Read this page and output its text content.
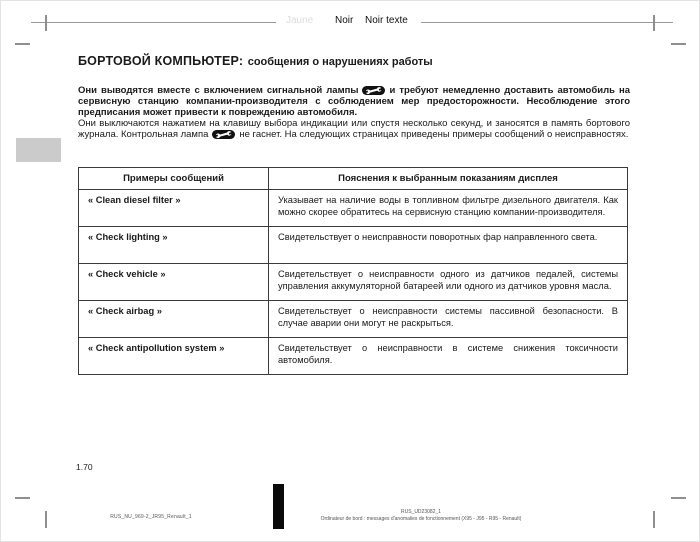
Jaune Noir Noir texte
БОРТОВОЙ КОМПЬЮТЕР: сообщения о нарушениях работы

Они выводятся вместе с включением сигнальной лампы	и требуют немедленно доставить автомобиль на сервисную станцию компании-производителя с соблюдением мер предосторожности. Несоблюдение этого предписания может привести к повреждению автомобиля.

Они выключаются нажатием на клавишу выбора индикации или спустя несколько секунд, и заносятся в память бортового журнала. Контрольная лампа	не гаснет. На следующих страницах приведены примеры сообщений о неисправностях.

Примеры сообщений	Пояснения к выбранным показаниям дисплея
« Clean diesel filter »	Указывает на наличие воды в топливном фильтре дизельного двигателя. Как можно скорее обратитесь на сервисную станцию компании-производителя.
« Check lighting »	Свидетельствует о неисправности поворотных фар направленного света.
« Check vehicle »	Свидетельствует о неисправности одного из датчиков педалей, системы управления аккумуляторной батареей или одного из датчиков уровня масла.
« Check airbag »	Свидетельствует о неисправности системы пассивной безопасности. В случае аварии они могут не раскрыться.
« Check antipollution system »	Свидетельствует о неисправности в системе снижения токсичности автомобиля.
1.70
RUS_NU_969-2_JR95_Renault_1
RUS_UD23082_1
Ordinateur de bord : messages d'anomalies de fonctionnement (X95 - J95 - R95 - Renault)
